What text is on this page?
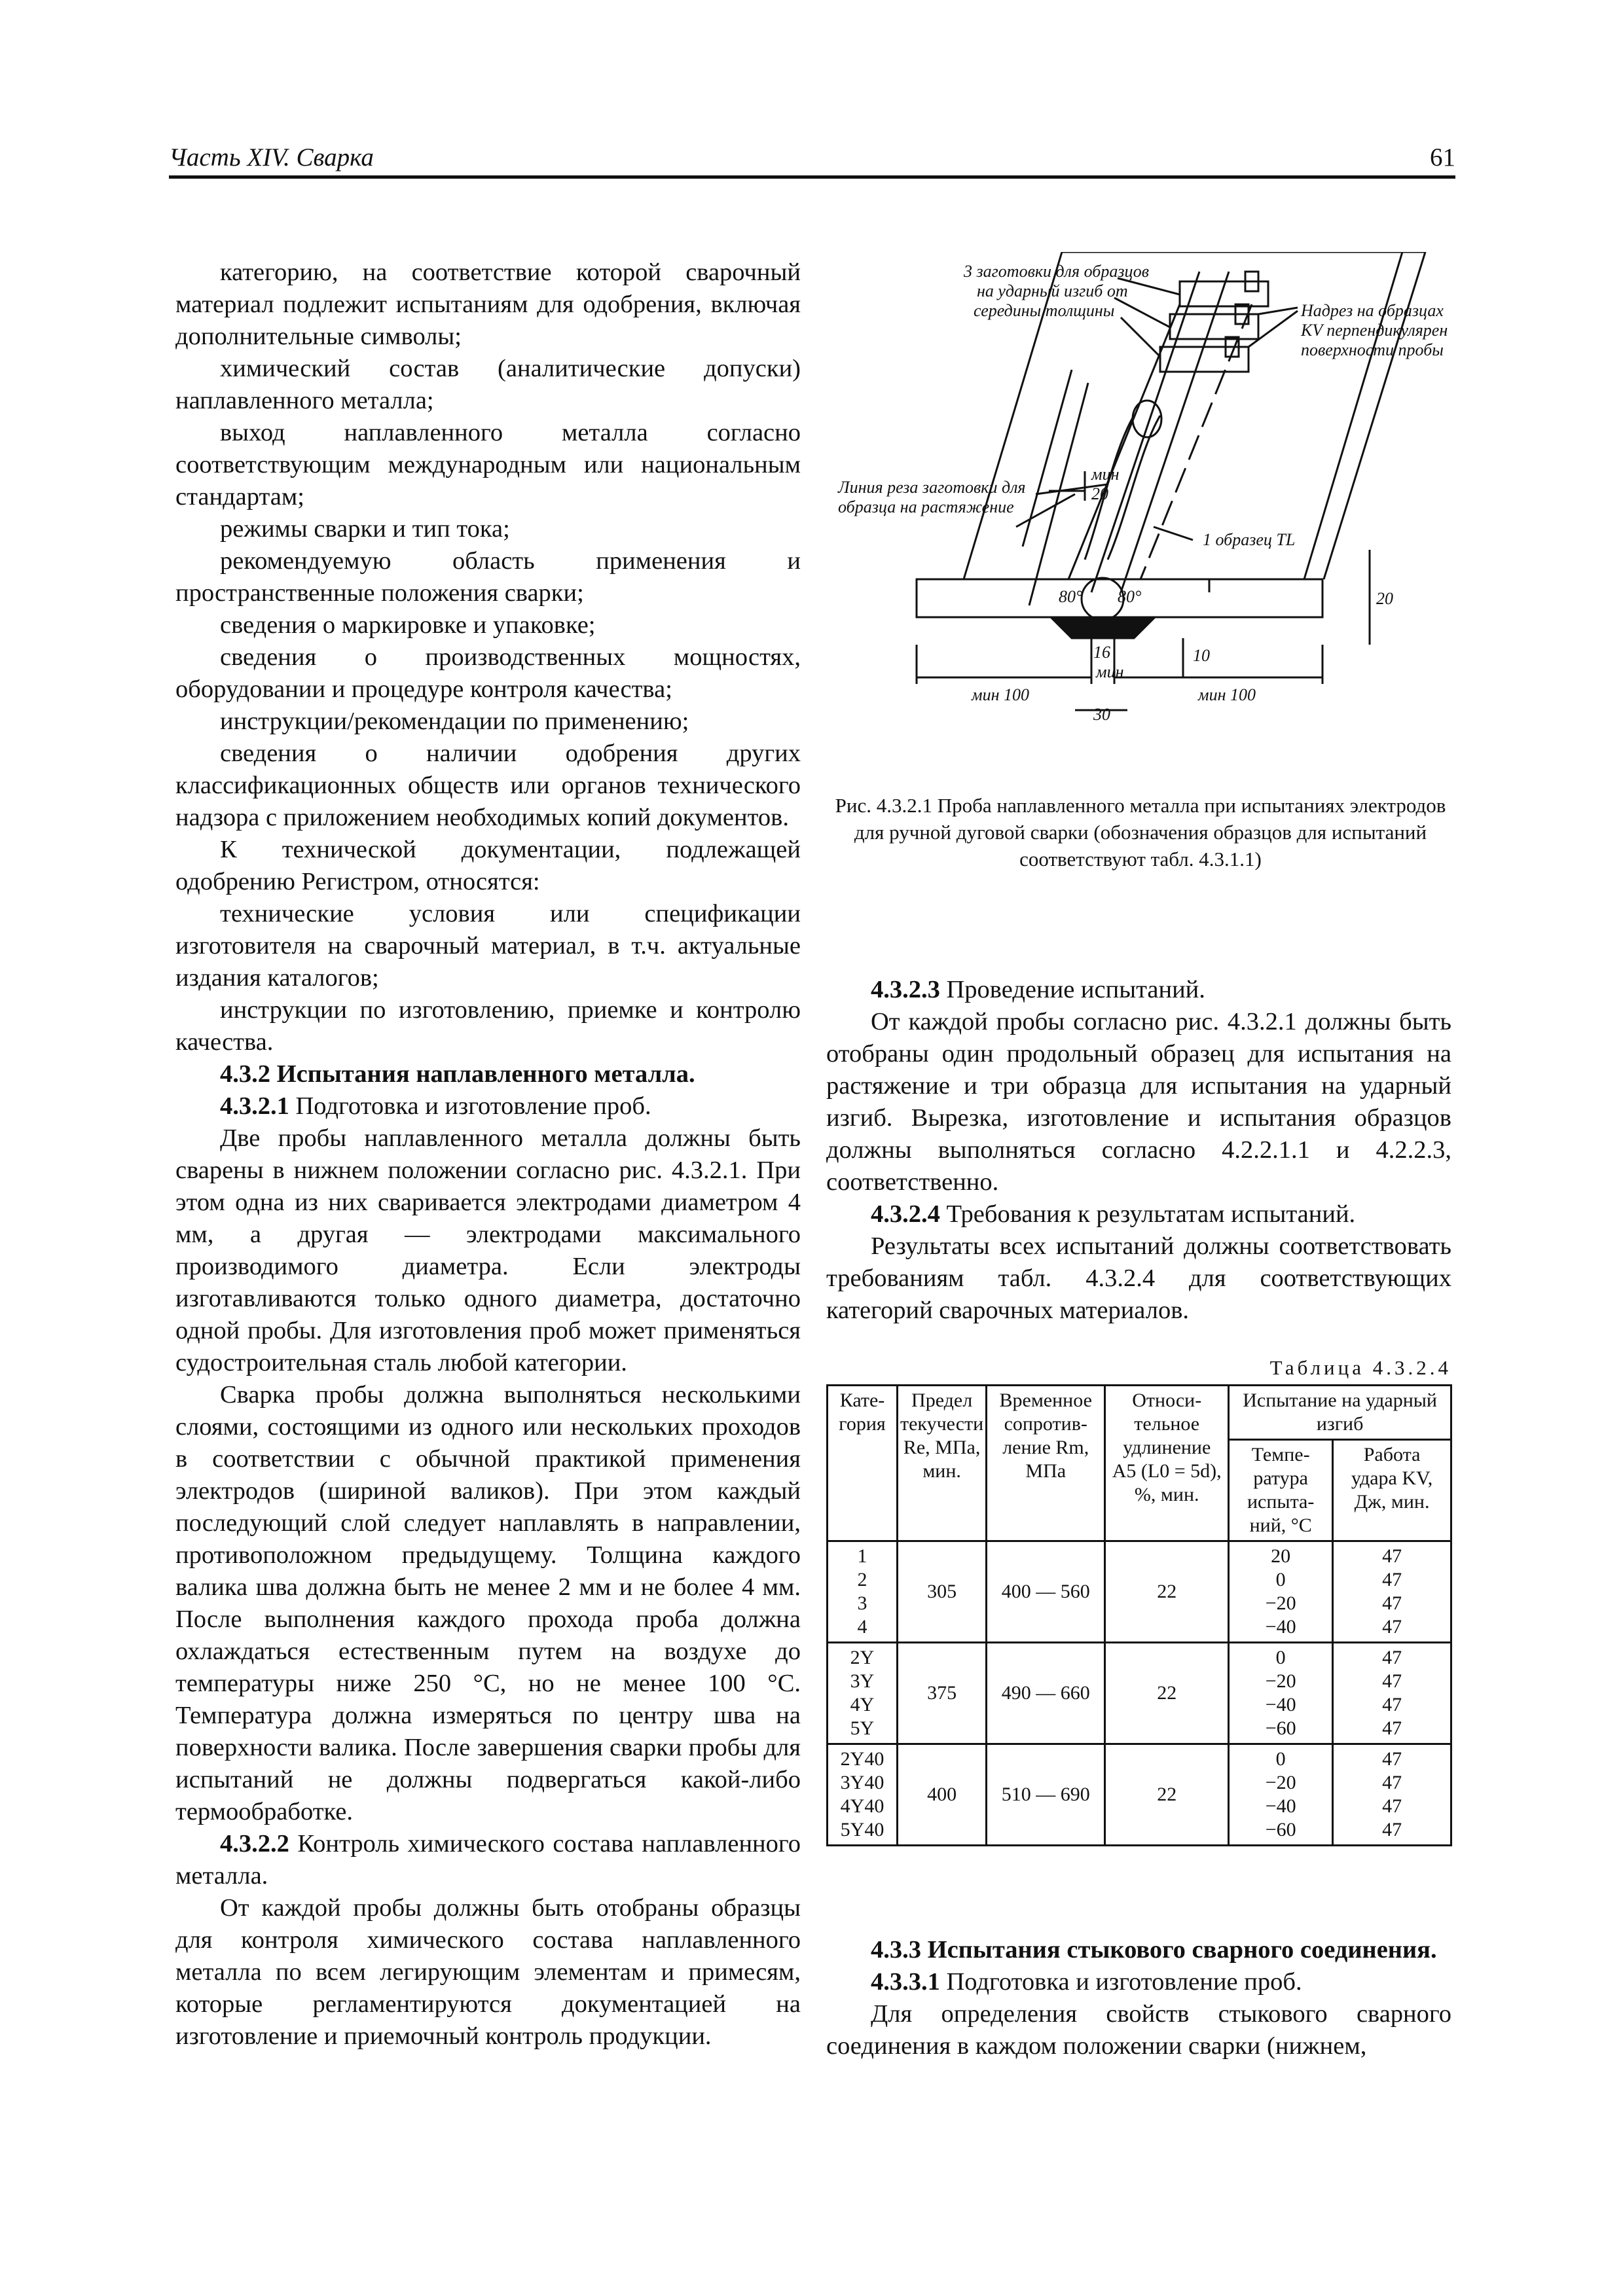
Часть XIV. Сварка	61

категорию, на соответствие которой сварочный материал подлежит испытаниям для одобрения, включая дополнительные символы;

химический состав (аналитические допуски) наплавленного металла;

выход наплавленного металла согласно соответствующим международным или национальным стандартам;

режимы сварки и тип тока;

рекомендуемую область применения и пространственные положения сварки;

сведения о маркировке и упаковке;

сведения о производственных мощностях, оборудовании и процедуре контроля качества;

инструкции/рекомендации по применению;

сведения о наличии одобрения других классификационных обществ или органов технического надзора с приложением необходимых копий документов.

К технической документации, подлежащей одобрению Регистром, относятся:

технические условия или спецификации изготовителя на сварочный материал, в т.ч. актуальные издания каталогов;

инструкции по изготовлению, приемке и контролю качества.

4.3.2 Испытания наплавленного металла.

4.3.2.1 Подготовка и изготовление проб.

Две пробы наплавленного металла должны быть сварены в нижнем положении согласно рис. 4.3.2.1. При этом одна из них сваривается электродами диаметром 4 мм, а другая — электродами максимального производимого диаметра. Если электроды изготавливаются только одного диаметра, достаточно одной пробы. Для изготовления проб может применяться судостроительная сталь любой категории.

Сварка пробы должна выполняться несколькими слоями, состоящими из одного или нескольких проходов в соответствии с обычной практикой применения электродов (шириной валиков). При этом каждый последующий слой следует наплавлять в направлении, противоположном предыдущему. Толщина каждого валика шва должна быть не менее 2 мм и не более 4 мм. После выполнения каждого прохода проба должна охлаждаться естественным путем на воздухе до температуры ниже 250 °C, но не менее 100 °C. Температура должна измеряться по центру шва на поверхности валика. После завершения сварки пробы для испытаний не должны подвергаться какой-либо термообработке.

4.3.2.2 Контроль химического состава наплавленного металла.

От каждой пробы должны быть отобраны образцы для контроля химического состава наплавленного металла по всем легирующим элементам и примесям, которые регламентируются документацией на изготовление и приемочный контроль продукции.

3 заготовки для образцов
на ударный изгиб от
середины толщины	Надрез на образцах
KV перпендикулярен
поверхности пробы
Линия реза заготовки для
образца на растяжение
1 образец TL
мин
20
80° 80°	20
16
мин
10
мин 100	мин 100
30
Рис. 4.3.2.1 Проба наплавленного металла при испытаниях электродов для ручной дуговой сварки (обозначения образцов для испытаний соответствуют табл. 4.3.1.1)

4.3.2.3 Проведение испытаний.

От каждой пробы согласно рис. 4.3.2.1 должны быть отобраны один продольный образец для испытания на растяжение и три образца для испытания на ударный изгиб. Вырезка, изготовление и испытания образцов должны выполняться согласно 4.2.2.1.1 и 4.2.2.3, соответственно.

4.3.2.4 Требования к результатам испытаний.

Результаты всех испытаний должны соответствовать требованиям табл. 4.3.2.4 для соответствующих категорий сварочных материалов.

Таблица 4.3.2.4
Кате-
гория	Предел
текучести
Re, МПа,
мин.	Временное
сопротив-
ление Rm,
МПа	Относи-
тельное
удлинение
A5 (L0 = 5d),
%, мин.	Испытание на ударный изгиб	

				Темпе-
ратура
испыта-
ний, °C	Работа
удара KV,
Дж, мин.

1
2
3
4	305	400 — 560	22	20
0
−20
−40	47
47
47
47

2Y
3Y
4Y
5Y	375	490 — 660	22	0
−20
−40
−60	47
47
47
47

2Y40
3Y40
4Y40
5Y40	400	510 — 690	22	0
−20
−40
−60	47
47
47
47

4.3.3 Испытания стыкового сварного соединения.

4.3.3.1 Подготовка и изготовление проб.

Для определения свойств стыкового сварного соединения в каждом положении сварки (нижнем,
